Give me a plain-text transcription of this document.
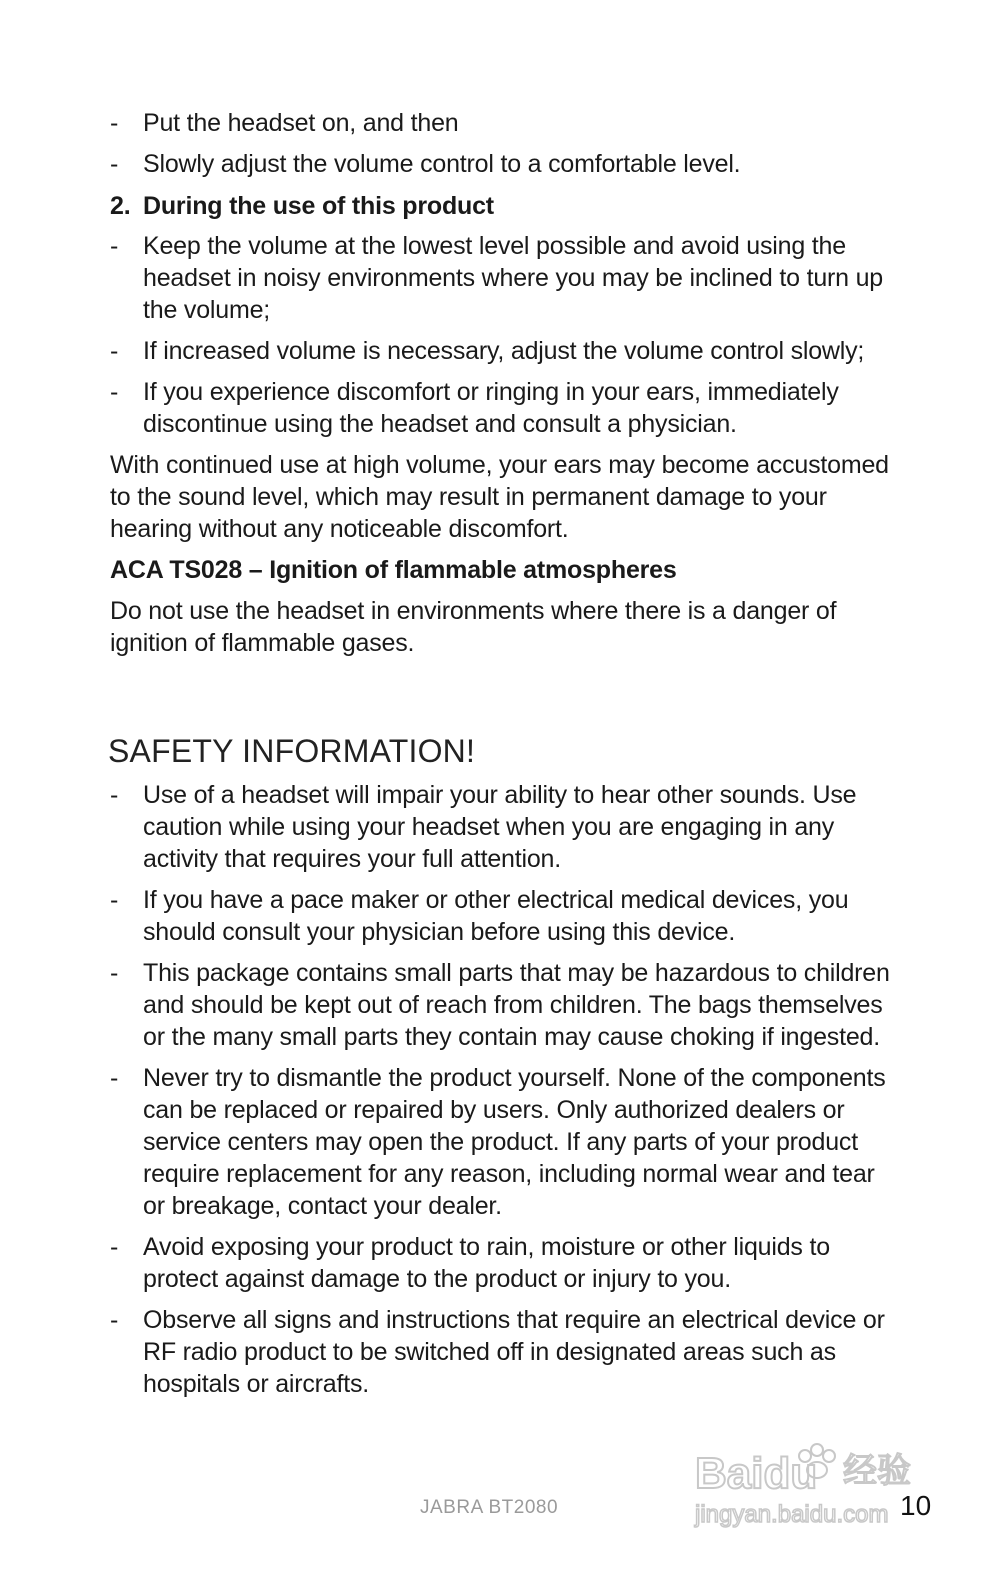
- Put the headset on, and then
- Slowly adjust the volume control to a comfortable level.
2. During the use of this product
- Keep the volume at the lowest level possible and avoid using the headset in noisy environments where you may be inclined to turn up the volume;
- If increased volume is necessary, adjust the volume control slowly;
- If you experience discomfort or ringing in your ears, immediately discontinue using the headset and consult a physician.
With continued use at high volume, your ears may become accustomed to the sound level, which may result in permanent damage to your hearing without any noticeable discomfort.
ACA TS028 – Ignition of flammable atmospheres
Do not use the headset in environments where there is a danger of ignition of flammable gases.
SAFETY INFORMATION!
- Use of a headset will impair your ability to hear other sounds. Use caution while using your headset when you are engaging in any activity that requires your full attention.
- If you have a pace maker or other electrical medical devices, you should consult your physician before using this device.
- This package contains small parts that may be hazardous to children and should be kept out of reach from children. The bags themselves or the many small parts they contain may cause choking if ingested.
- Never try to dismantle the product yourself. None of the components can be replaced or repaired by users. Only authorized dealers or service centers may open the product. If any parts of your product require replacement for any reason, including normal wear and tear or breakage, contact your dealer.
- Avoid exposing your product to rain, moisture or other liquids to protect against damage to the product or injury to you.
- Observe all signs and instructions that require an electrical device or RF radio product to be switched off in designated areas such as hospitals or aircrafts.
Baidu 经验
jingyan.baidu.com
JABRA BT2080	10
